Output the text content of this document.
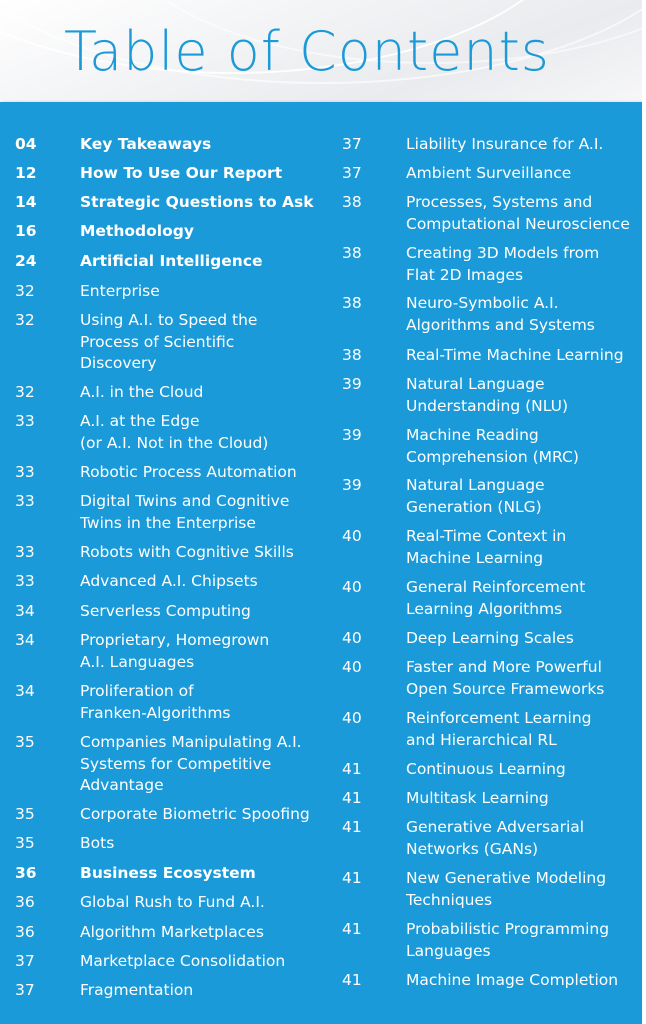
Table of Contents
04	Key Takeaways
12	How To Use Our Report
14	Strategic Questions to Ask
16	Methodology
24	Artificial Intelligence
32	Enterprise
32	Using A.I. to Speed the
Process of Scientific
Discovery
32	A.I. in the Cloud
33	A.I. at the Edge
(or A.I. Not in the Cloud)
33	Robotic Process Automation
33	Digital Twins and Cognitive
Twins in the Enterprise
33	Robots with Cognitive Skills
33	Advanced A.I. Chipsets
34	Serverless Computing
34	Proprietary, Homegrown
A.I. Languages
34	Proliferation of
Franken-Algorithms
35	Companies Manipulating A.I.
Systems for Competitive
Advantage
35	Corporate Biometric Spoofing
35	Bots
36	Business Ecosystem
36	Global Rush to Fund A.I.
36	Algorithm Marketplaces
37	Marketplace Consolidation
37	Fragmentation
37	Liability Insurance for A.I.
37	Ambient Surveillance
38	Processes, Systems and
Computational Neuroscience
38	Creating 3D Models from
Flat 2D Images
38	Neuro-Symbolic A.I.
Algorithms and Systems
38	Real-Time Machine Learning
39	Natural Language
Understanding (NLU)
39	Machine Reading
Comprehension (MRC)
39	Natural Language
Generation (NLG)
40	Real-Time Context in
Machine Learning
40	General Reinforcement
Learning Algorithms
40	Deep Learning Scales
40	Faster and More Powerful
Open Source Frameworks
40	Reinforcement Learning
and Hierarchical RL
41	Continuous Learning
41	Multitask Learning
41	Generative Adversarial
Networks (GANs)
41	New Generative Modeling
Techniques
41	Probabilistic Programming
Languages
41	Machine Image Completion
